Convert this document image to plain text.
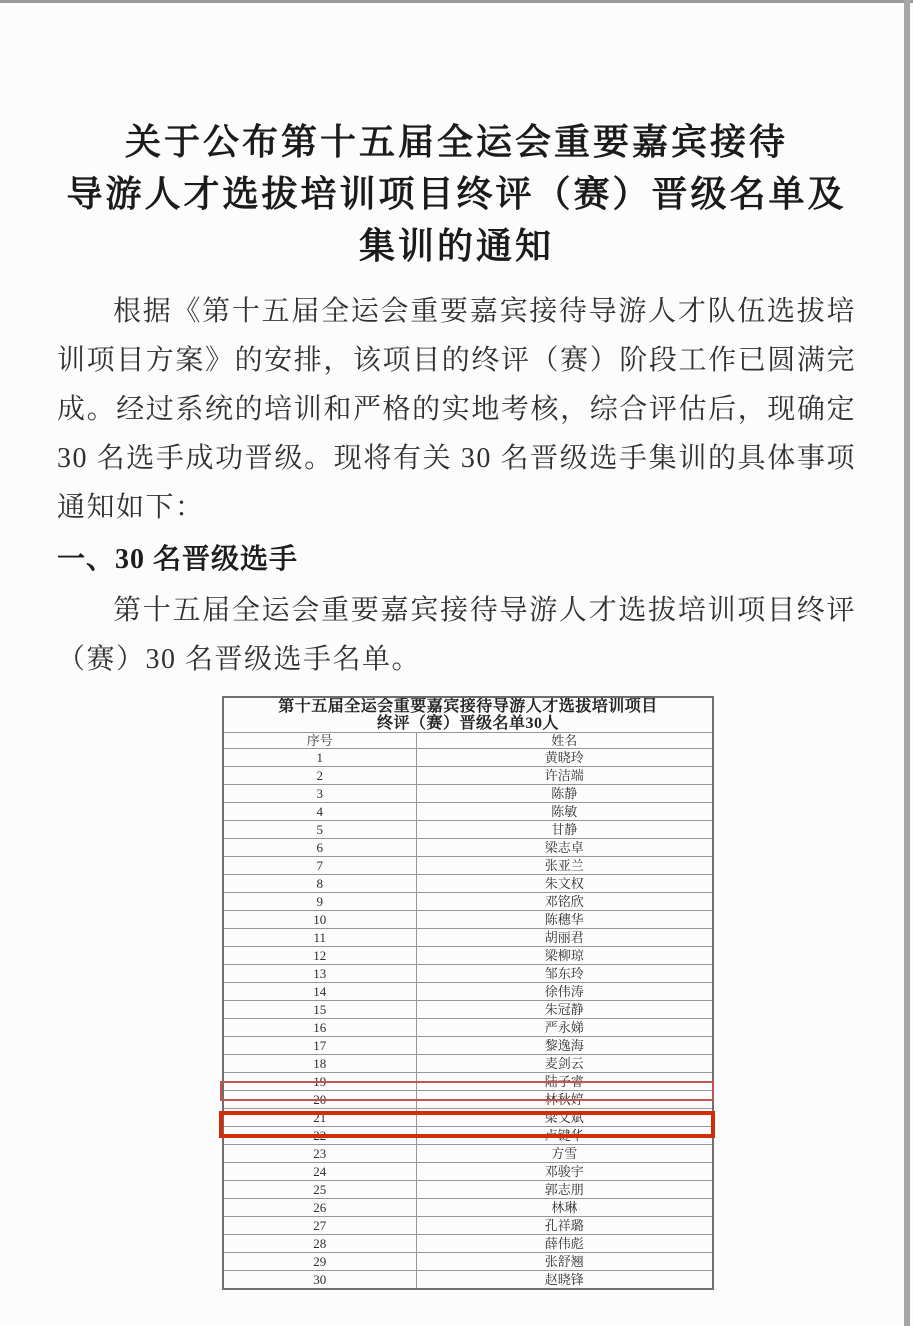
关于公布第十五届全运会重要嘉宾接待
导游人才选拔培训项目终评（赛）晋级名单及
集训的通知

根据《第十五届全运会重要嘉宾接待导游人才队伍选拔培训项目方案》的安排，该项目的终评（赛）阶段工作已圆满完成。经过系统的培训和严格的实地考核，综合评估后，现确定 30 名选手成功晋级。现将有关 30 名晋级选手集训的具体事项通知如下：

一、30 名晋级选手

第十五届全运会重要嘉宾接待导游人才选拔培训项目终评（赛）30 名晋级选手名单。

第十五届全运会重要嘉宾接待导游人才选拔培训项目
终评（赛）晋级名单30人	

序号	姓名
1	黄晓玲
2	许洁端
3	陈静
4	陈敏
5	甘静
6	梁志卓
7	张亚兰
8	朱文权
9	邓铭欣
10	陈穗华
11	胡丽君
12	梁柳琼
13	邹东玲
14	徐伟涛
15	朱冠静
16	严永娣
17	黎逸海
18	麦剑云
19	陆子睿
20	林秋婷
21	梁文斌
22	卢键华
23	方雪
24	邓骏宇
25	郭志朋
26	林琳
27	孔祥璐
28	薛伟彪
29	张舒翘
30	赵晓锋
